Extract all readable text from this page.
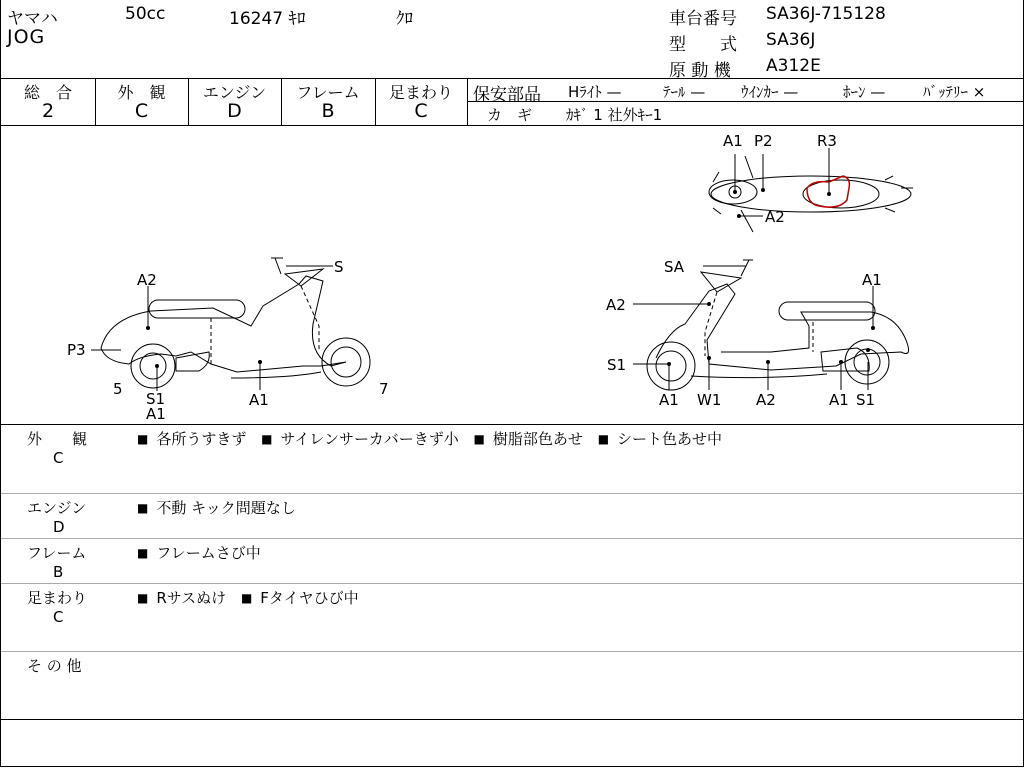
ヤマハ	50cc	16247 ｷﾛ	ｸﾛ
JOG
車台番号 SA36J-715128
型　　式 SA36J
原 動 機 A312E
総　合
2
外　観
C
エンジン
D
フレーム
B
足まわり
C
保安部品 Hﾗｲﾄ —	ﾃｰﾙ — ｳｲﾝｶｰ —	ﾎｰﾝ —	ﾊﾞｯﾃﾘｰ ×
カ　ギ ｶｷﾞ 1 社外ｷｰ1
S
A2
P3
5
S1
A1
A1
7
SA
A2
A1
S1
A1 W1 A2	A1 S1
A1 P2	R3
A2
外　　観
C
■ 各所うすきず ■ サイレンサーカバーきず小 ■ 樹脂部色あせ ■ シート色あせ中
エンジン
D
■ 不動 キック問題なし
フレーム
B
■ フレームさび中
足まわり
C
■ Rサスぬけ ■ Fタイヤひび中
そ の 他
